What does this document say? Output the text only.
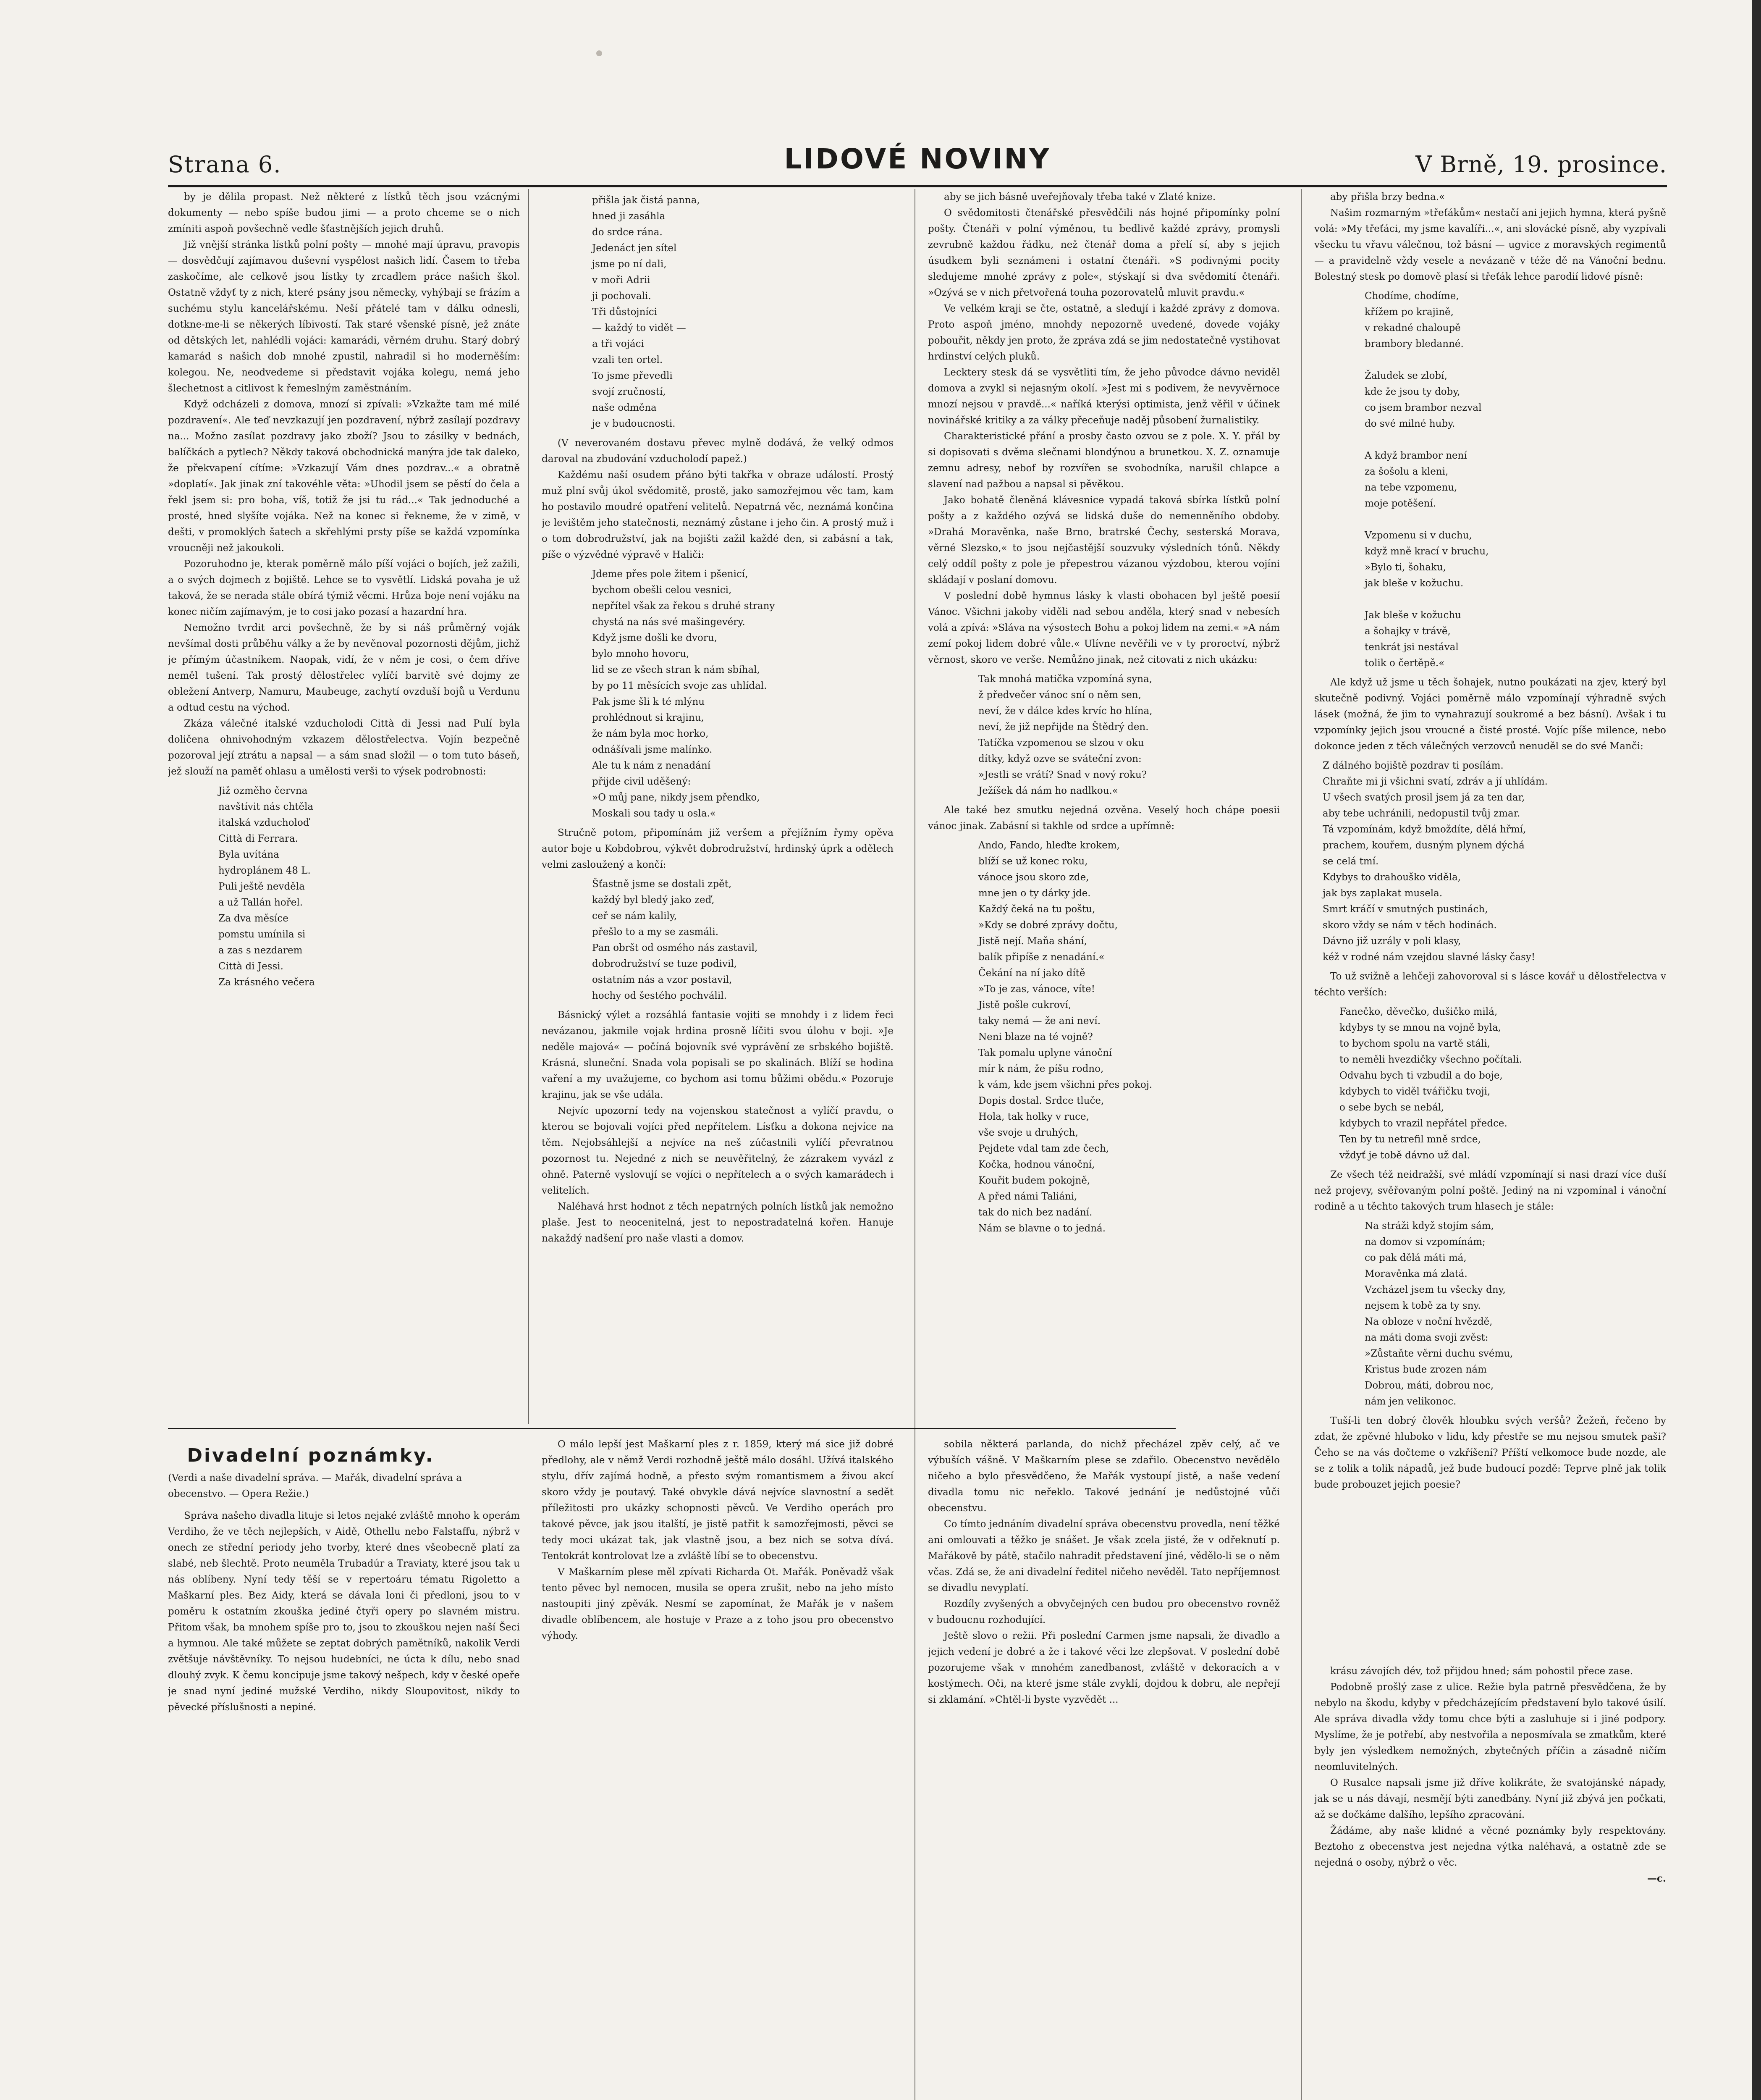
Strana 6.	LIDOVÉ NOVINY	V Brně, 19. prosince.

by je dělila propast. Než některé z lístků těch jsou vzácnými dokumenty — nebo spíše budou jimi — a proto chceme se o nich zmíniti aspoň povšechně vedle šťastnějších jejich druhů.

Již vnější stránka lístků polní pošty — mnohé mají úpravu, pravopis — dosvědčují zajímavou duševní vyspělost našich lidí. Časem to třeba zaskočíme, ale celkově jsou lístky ty zrcadlem práce našich škol. Ostatně vždyť ty z nich, které psány jsou německy, vyhýbají se frázím a suchému stylu kancelářskému. Neší přátelé tam v dálku odnesli, dotkne-me-li se někerých líbivostí. Tak staré všenské písně, jež znáte od dětských let, nahlédli vojáci: kamarádi, věrném druhu. Starý dobrý kamarád s našich dob mnohé zpustil, nahradil si ho moderněším: kolegou. Ne, neodvedeme si představit vojáka kolegu, nemá jeho šlechetnost a citlivost k řemeslným zaměstnáním.

Když odcházeli z domova, mnozí si zpívali: »Vzkažte tam mé milé pozdravení«. Ale teď nevzkazují jen pozdravení, nýbrž zasílají pozdravy na... Možno zasílat pozdravy jako zboží? Jsou to zásilky v bednách, balíčkách a pytlech? Někdy taková obchodnická manýra jde tak daleko, že překvapení cítíme: »Vzkazují Vám dnes pozdrav...« a obratně »doplatí«. Jak jinak zní takovéhle věta: »Uhodil jsem se pěstí do čela a řekl jsem si: pro boha, víš, totiž že jsi tu rád...« Tak jednoduché a prosté, hned slyšíte vojáka. Než na konec si řekneme, že v zimě, v dešti, v promoklých šatech a skřehlými prsty píše se každá vzpomínka vroucněji než jakoukoli.

Pozoruhodno je, kterak poměrně málo píší vojáci o bojích, jež zažili, a o svých dojmech z bojiště. Lehce se to vysvětlí. Lidská povaha je už taková, že se nerada stále obírá týmiž věcmi. Hrůza boje není vojáku na konec ničím zajímavým, je to cosi jako pozasí a hazardní hra.

Nemožno tvrdit arci povšechně, že by si náš průměrný voják nevšímal dosti průběhu války a že by nevěnoval pozornosti dějům, jichž je přímým účastníkem. Naopak, vidí, že v něm je cosi, o čem dříve neměl tušení. Tak prostý dělostřelec vylíčí barvitě své dojmy ze obležení Antverp, Namuru, Maubeuge, zachytí ovzduší bojů u Verdunu a odtud cestu na východ.

Zkáza válečné italské vzducholodi Città di Jessi nad Pulí byla doličena ohnivohodným vzkazem dělostřelectva. Vojín bezpečně pozoroval její ztrátu a napsal — a sám snad složil — o tom tuto báseň, jež slouží na paměť ohlasu a umělosti verši to výsek podrobnosti:

Již ozměho června
navštívit nás chtěla
italská vzducholoď
Città di Ferrara.
Byla uvítána
hydroplánem 48 L.
Puli ještě nevděla
a už Tallán hořel.
Za dva měsíce
pomstu umínila si
a zas s nezdarem
Città di Jessi.
Za krásného večera
přišla jak čistá panna,
hned ji zasáhla
do srdce rána.
Jedenáct jen sítel
jsme po ní dali,
v moři Adrii
ji pochovali.
Tři důstojníci
— každý to vidět —
a tři vojáci
vzali ten ortel.
To jsme převedli
svojí zručností,
naše odměna
je v budoucnosti.

(V neverovaném dostavu převec mylně dodává, že velký odmos daroval na zbudování vzducholodí papež.)

Každému naší osudem přáno býti takřka v obraze událostí. Prostý muž plní svůj úkol svědomitě, prostě, jako samozřejmou věc tam, kam ho postavilo moudré opatření velitelů. Nepatrná věc, neznámá končina je levištěm jeho statečnosti, neznámý zůstane i jeho čin. A prostý muž i o tom dobrodružství, jak na bojišti zažil každé den, si zabásní a tak, píše o výzvědné výpravě v Haliči:

Jdeme přes pole žitem i pšenicí,
bychom obešli celou vesnici,
nepřítel však za řekou s druhé strany
chystá na nás své mašingevéry.
Když jsme došli ke dvoru,
bylo mnoho hovoru,
lid se ze všech stran k nám sbíhal,
by po 11 měsících svoje zas uhlídal.
Pak jsme šli k té mlýnu
prohlédnout si krajinu,
že nám byla moc horko,
odnášívali jsme malínko.
Ale tu k nám z nenadání
přijde civil uděšený:
»O můj pane, nikdy jsem přendko,
Moskali sou tady u osla.«

Stručně potom, připomínám již veršem a přejížním řymy opěva autor boje u Kobdobrou, výkvět dobrodružství, hrdinský úprk a odělech velmi zasloužený a končí:

Šťastně jsme se dostali zpět,
každý byl bledý jako zeď,
ceř se nám kalily,
přešlo to a my se zasmáli.
Pan obršt od osmého nás zastavil,
dobrodružství se tuze podivil,
ostatním nás a vzor postavil,
hochy od šestého pochválil.

Básnický výlet a rozsáhlá fantasie vojiti se mnohdy i z lidem řeci nevázanou, jakmile vojak hrdina prosně líčiti svou úlohu v boji. »Je neděle majová« — počíná bojovník své vyprávění ze srbského bojiště. Krásná, sluneční. Snada vola popisali se po skalinách. Blíží se hodina vaření a my uvažujeme, co bychom asi tomu bůžimi obědu.« Pozoruje krajinu, jak se vše udála.

Nejvíc upozorní tedy na vojenskou statečnost a vylíčí pravdu, o kterou se bojovali vojíci před nepřítelem. Lísťku a dokona nejvíce na těm. Nejobsáhlejší a nejvíce na neš zúčastnili vylíčí převratnou pozornost tu. Nejedné z nich se neuvěřitelný, že zázrakem vyvázl z ohně. Paterně vyslovují se vojíci o nepřítelech a o svých kamarádech i velitelích.

Naléhavá hrst hodnot z těch nepatrných polních lístků jak nemožno plaše. Jest to neocenitelná, jest to nepostradatelná kořen. Hanuje nakaždý nadšení pro naše vlasti a domov.

aby se jich básně uveřejňovaly třeba také v Zlaté knize.

O svědomitosti čtenářské přesvědčili nás hojné připomínky polní pošty. Čtenáři v polní výměnou, tu bedlivě každé zprávy, promysli zevrubně každou řádku, než čtenář doma a přelí sí, aby s jejich úsudkem byli seznámeni i ostatní čtenáři. »S podivnými pocity sledujeme mnohé zprávy z pole«, stýskají si dva svědomití čtenáři. »Ozývá se v nich přetvořená touha pozorovatelů mluvit pravdu.«

Ve velkém kraji se čte, ostatně, a sledují i každé zprávy z domova. Proto aspoň jméno, mnohdy nepozorně uvedené, dovede vojáky pobouřit, někdy jen proto, že zpráva zdá se jim nedostatečně vystihovat hrdinství celých pluků.

Lecktery stesk dá se vysvětliti tím, že jeho původce dávno neviděl domova a zvykl si nejasným okolí. »Jest mi s podivem, že nevyvěrnoce mnozí nejsou v pravdě...« naříká kterýsi optimista, jenž věřil v účinek novinářské kritiky a za války přeceňuje naděj působení žurnalistiky.

Charakteristické přání a prosby často ozvou se z pole. X. Y. přál by si dopisovati s dvěma slečnami blondýnou a brunetkou. X. Z. oznamuje zemnu adresy, nebof by rozvířen se svobodníka, narušil chlapce a slavení nad pažbou a napsal si pěvěkou.

Jako bohatě členěná klávesnice vypadá taková sbírka lístků polní pošty a z každého ozývá se lidská duše do nemenněního obdoby. »Drahá Moravěnka, naše Brno, bratrské Čechy, sesterská Morava, věrné Slezsko,« to jsou nejčastější souzvuky výsledních tónů. Někdy celý oddíl pošty z pole je přepestrou vázanou výzdobou, kterou vojíni skládají v poslaní domovu.

V poslední době hymnus lásky k vlasti obohacen byl ještě poesií Vánoc. Všichni jakoby viděli nad sebou anděla, který snad v nebesích volá a zpívá: »Sláva na výsostech Bohu a pokoj lidem na zemi.« »A nám zemí pokoj lidem dobré vůle.« Ulívne nevěřili ve v ty proroctví, nýbrž věrnost, skoro ve verše. Nemůžno jinak, než citovati z nich ukázku:

Tak mnohá matička vzpomíná syna,
ž předvečer vánoc sní o něm sen,
neví, že v dálce kdes krvíc ho hlína,
neví, že již nepřijde na Štědrý den.
Tatíčka vzpomenou se slzou v oku
dítky, když ozve se sváteční zvon:
»Jestli se vrátí? Snad v nový roku?
Ježíšek dá nám ho nadlkou.«

Ale také bez smutku nejedná ozvěna. Veselý hoch chápe poesii vánoc jinak. Zabásní si takhle od srdce a upřímně:

Ando, Fando, hleďte krokem,
blíží se už konec roku,
vánoce jsou skoro zde,
mne jen o ty dárky jde.
Každý čeká na tu poštu,
»Kdy se dobré zprávy dočtu,
Jistě nejí. Maňa shání,
balík připíše z nenadání.«
Čekání na ní jako dítě
»To je zas, vánoce, víte!
Jistě pošle cukroví,
taky nemá — že ani neví.
Neni blaze na té vojně?
Tak pomalu uplyne vánoční
mír k nám, že píšu rodno,
k vám, kde jsem všichni přes pokoj.
Dopis dostal. Srdce tluče,
Hola, tak holky v ruce,
vše svoje u druhých,
Pejdete vdal tam zde čech,
Kočka, hodnou vánoční,
Kouřit budem pokojně,
A před námi Taliáni,
tak do nich bez nadání.
Nám se blavne o to jedná.

aby přišla brzy bedna.«

Našim rozmarným »třeťákům« nestačí ani jejich hymna, která pyšně volá: »My třeťáci, my jsme kavalíři...«, ani slovácké písně, aby vyzpívali všecku tu vřavu válečnou, tož básní — ugvice z moravských regimentů — a pravidelně vždy vesele a nevázaně v téže dě na Vánoční bednu. Bolestný stesk po domově plasí si třeťák lehce parodií lidové písně:

Chodíme, chodíme,
křížem po krajině,
v rekadné chaloupě
brambory bledanné.

Žaludek se zlobí,
kde že jsou ty doby,
co jsem brambor nezval
do své milné huby.

A když brambor není
za šošolu a kleni,
na tebe vzpomenu,
moje potěšení.

Vzpomenu si v duchu,
když mně krací v bruchu,
»Bylo ti, šohaku,
jak bleše v kožuchu.

Jak bleše v kožuchu
a šohajky v trávě,
tenkrát jsi nestával
tolik o čertěpě.«

Ale když už jsme u těch šohajek, nutno poukázati na zjev, který byl skutečně podivný. Vojáci poměrně málo vzpomínají výhradně svých lásek (možná, že jim to vynahrazují soukromé a bez básní). Avšak i tu vzpomínky jejich jsou vroucné a čisté prosté. Vojíc píše milence, nebo dokonce jeden z těch válečných verzovců nenuděl se do své Manči:

Z dálného bojiště pozdrav ti posílám.
Chraňte mi ji všichni svatí, zdráv a jí uhlídám.
U všech svatých prosil jsem já za ten dar,
aby tebe uchránili, nedopustil tvůj zmar.
Tá vzpomínám, když bmoždíte, dělá hřmí,
prachem, kouřem, dusným plynem dýchá
se celá tmí.
Kdybys to drahouško viděla,
jak bys zaplakat musela.
Smrt kráčí v smutných pustinách,
skoro vždy se nám v těch hodinách.
Dávno již uzrály v poli klasy,
kéž v rodné nám vzejdou slavné lásky časy!

To už svižně a lehčeji zahovoroval si s lásce kovář u dělostřelectva v téchto verších:

Fanečko, děvečko, dušičko milá,
kdybys ty se mnou na vojně byla,
to bychom spolu na vartě stáli,
to neměli hvezdičky všechno počítali.
Odvahu bych ti vzbudil a do boje,
kdybych to viděl tvářičku tvoji,
o sebe bych se nebál,
kdybych to vrazil nepřátel předce.
Ten by tu netrefil mně srdce,
vždyť je tobě dávno už dal.

Ze všech též neidražší, své mládí vzpomínají si nasi drazí více duší než projevy, svěřovaným polní poště. Jediný na ni vzpomínal i vánoční rodině a u těchto takových trum hlasech je stále:

Na stráži když stojím sám,
na domov si vzpomínám;
co pak dělá máti má,
Moravěnka má zlatá.
Vzcházel jsem tu všecky dny,
nejsem k tobě za ty sny.
Na obloze v noční hvězdě,
na máti doma svoji zvěst:
»Zůstaňte věrni duchu svému,
Kristus bude zrozen nám
Dobrou, máti, dobrou noc,
nám jen velikonoc.

Tuší-li ten dobrý člověk hloubku svých veršů? Žežeň, řečeno by zdat, že zpěvné hluboko v lidu, kdy přestře se mu nejsou smutek paši? Čeho se na vás dočteme o vzkříšení? Příští velkomoce bude nozde, ale se z tolik a tolik nápadů, jež bude budoucí pozdě: Teprve plně jak tolik bude probouzet jejich poesie?

Divadelní poznámky.
(Verdi a naše divadelní správa. — Mařák, divadelní správa a obecenstvo. — Opera Režie.)

Správa našeho divadla lituje si letos nejaké zvláště mnoho k operám Verdiho, že ve těch nejlepších, v Aidě, Othellu nebo Falstaffu, nýbrž v onech ze střední periody jeho tvorby, které dnes všeobecně platí za slabé, neb šlechtě. Proto neuměla Trubadúr a Traviaty, které jsou tak u nás oblíbeny. Nyní tedy těší se v repertoáru tématu Rigoletto a Maškarní ples. Bez Aidy, která se dávala loni či předloni, jsou to v poměru k ostatním zkouška jediné čtyři opery po slavném mistru. Přitom však, ba mnohem spíše pro to, jsou to zkouškou nejen naší Šeci a hymnou. Ale také můžete se zeptat dobrých pamětníků, nakolik Verdi zvětšuje návštěvníky. To nejsou hudebníci, ne úcta k dílu, nebo snad dlouhý zvyk. K čemu koncipuje jsme takový nešpech, kdy v české opeře je snad nyní jediné mužské Verdiho, nikdy Sloupovitost, nikdy to pěvecké příslušnosti a nepiné.

O málo lepší jest Maškarní ples z r. 1859, který má sice již dobré předlohy, ale v němž Verdi rozhodně ještě málo dosáhl. Užívá italského stylu, dřív zajímá hodně, a přesto svým romantismem a živou akcí skoro vždy je poutavý. Také obvykle dává nejvíce slavnostní a sedět příležitosti pro ukázky schopnosti pěvců. Ve Verdiho operách pro takové pěvce, jak jsou italští, je jistě patřit k samozřejmosti, pěvci se tedy moci ukázat tak, jak vlastně jsou, a bez nich se sotva dívá. Tentokrát kontrolovat lze a zvláště líbí se to obecenstvu.

V Maškarním plese měl zpívati Richarda Ot. Mařák. Poněvadž však tento pěvec byl nemocen, musila se opera zrušit, nebo na jeho místo nastoupiti jiný zpěvák. Nesmí se zapomínat, že Mařák je v našem divadle oblíbencem, ale hostuje v Praze a z toho jsou pro obecenstvo výhody.

sobila některá parlanda, do nichž přecházel zpěv celý, ač ve výbuších vášně. V Maškarním plese se zdařilo. Obecenstvo nevědělo ničeho a bylo přesvědčeno, že Mařák vystoupí jistě, a naše vedení divadla tomu nic neřeklo. Takové jednání je nedůstojné vůči obecenstvu.

Co tímto jednáním divadelní správa obecenstvu provedla, není těžké ani omlouvati a těžko je snášet. Je však zcela jisté, že v odřeknutí p. Mařákově by pátě, stačilo nahradit představení jiné, vědělo-li se o něm včas. Zdá se, že ani divadelní ředitel ničeho nevěděl. Tato nepříjemnost se divadlu nevyplatí.

Rozdíly zvyšených a obvyčejných cen budou pro obecenstvo rovněž v budoucnu rozhodující.

Ještě slovo o režii. Při poslední Carmen jsme napsali, že divadlo a jejich vedení je dobré a že i takové věci lze zlepšovat. V poslední době pozorujeme však v mnohém zanedbanost, zvláště v dekoracích a v kostýmech. Oči, na které jsme stále zvyklí, dojdou k dobru, ale nepřejí si zklamání. »Chtěl-li byste vyzvědět ...

krásu závojích dév, tož přijdou hned; sám pohostil přece zase.

Podobně prošlý zase z ulice. Režie byla patrně přesvědčena, že by nebylo na škodu, kdyby v předcházejícím představení bylo takové úsilí. Ale správa divadla vždy tomu chce býti a zasluhuje si i jiné podpory. Myslíme, že je potřebí, aby nestvořila a neposmívala se zmatkům, které byly jen výsledkem nemožných, zbytečných příčin a zásadně ničím neomluvitelných.

O Rusalce napsali jsme již dříve kolikráte, že svatojánské nápady, jak se u nás dávají, nesmějí býti zanedbány. Nyní již zbývá jen počkati, až se dočkáme dalšího, lepšího zpracování.

Žádáme, aby naše klidné a věcné poznámky byly respektovány. Beztoho z obecenstva jest nejedna výtka naléhavá, a ostatně zde se nejedná o osoby, nýbrž o věc.

—c.
